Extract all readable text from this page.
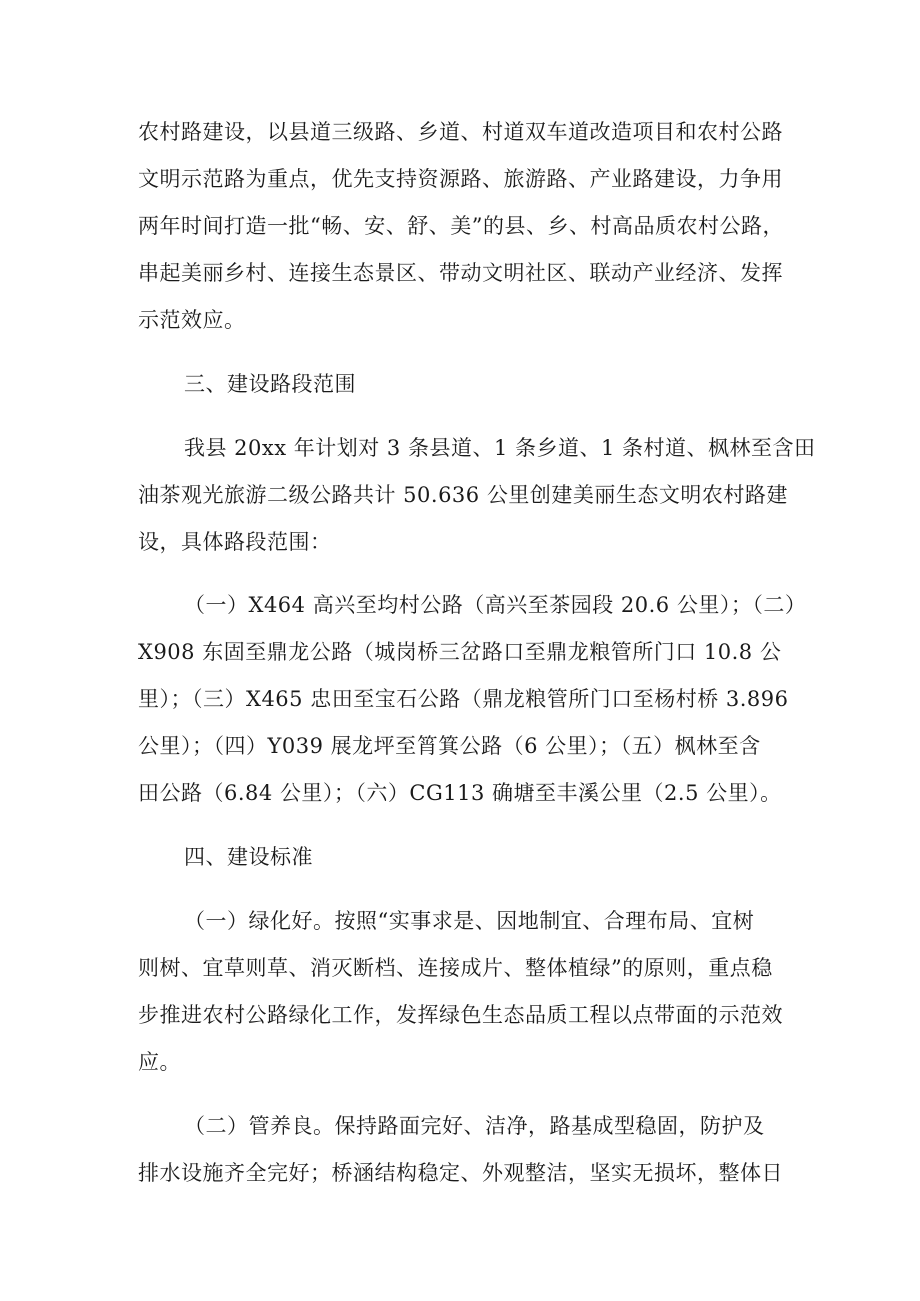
农村路建设，以县道三级路、乡道、村道双车道改造项目和农村公路
文明示范路为重点，优先支持资源路、旅游路、产业路建设，力争用
两年时间打造一批“畅、安、舒、美”的县、乡、村高品质农村公路，
串起美丽乡村、连接生态景区、带动文明社区、联动产业经济、发挥
示范效应。
三、建设路段范围
我县 20xx 年计划对 3 条县道、1 条乡道、1 条村道、枫林至含田
油茶观光旅游二级公路共计 50.636 公里创建美丽生态文明农村路建
设，具体路段范围：
（一）X464 高兴至均村公路（高兴至茶园段 20.6 公里）；（二）
X908 东固至鼎龙公路（城岗桥三岔路口至鼎龙粮管所门口 10.8 公
里）；（三）X465 忠田至宝石公路（鼎龙粮管所门口至杨村桥 3.896
公里）；（四）Y039 展龙坪至筲箕公路（6 公里）；（五）枫林至含
田公路（6.84 公里）；（六）CG113 确塘至丰溪公里（2.5 公里）。
四、建设标准
（一）绿化好。按照“实事求是、因地制宜、合理布局、宜树
则树、宜草则草、消灭断档、连接成片、整体植绿”的原则，重点稳
步推进农村公路绿化工作，发挥绿色生态品质工程以点带面的示范效
应。
（二）管养良。保持路面完好、洁净，路基成型稳固，防护及
排水设施齐全完好；桥涵结构稳定、外观整洁，坚实无损坏，整体日
